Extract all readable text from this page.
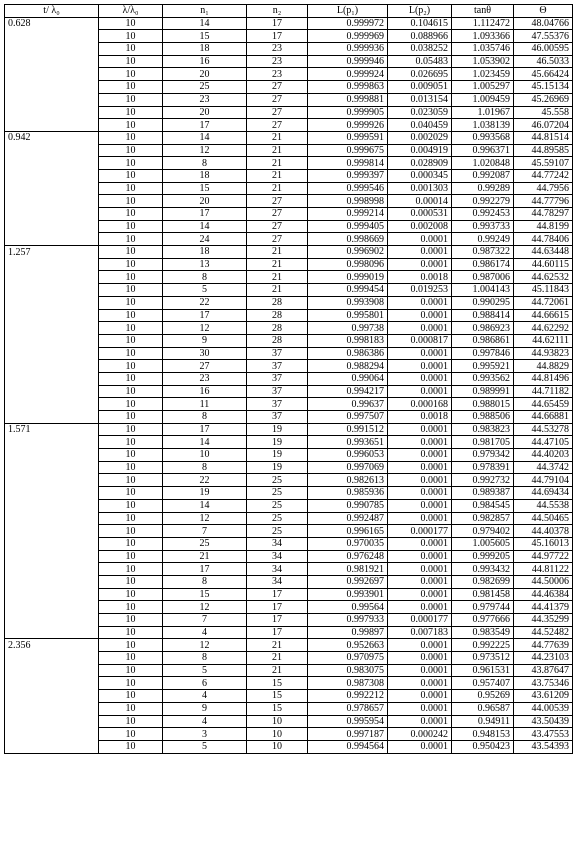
t/ λ₀	λ/λ₀	n₁	n₂	L(p₁)	L(p₂)	tanθ	Θ
0.628	10	14	17	0.999972	0.104615	1.112472	48.04766
	10	15	17	0.999969	0.088966	1.093366	47.55376
	10	18	23	0.999936	0.038252	1.035746	46.00595
	10	16	23	0.999946	0.05483	1.053902	46.5033
	10	20	23	0.999924	0.026695	1.023459	45.66424
	10	25	27	0.999863	0.009051	1.005297	45.15134
	10	23	27	0.999881	0.013154	1.009459	45.26969
	10	20	27	0.999905	0.023059	1.01967	45.558
	10	17	27	0.999926	0.040459	1.038139	46.07204
0.942	10	14	21	0.999591	0.002029	0.993568	44.81514
	10	12	21	0.999675	0.004919	0.996371	44.89585
	10	8	21	0.999814	0.028909	1.020848	45.59107
	10	18	21	0.999397	0.000345	0.992087	44.77242
	10	15	21	0.999546	0.001303	0.99289	44.7956
	10	20	27	0.998998	0.00014	0.992279	44.77796
	10	17	27	0.999214	0.000531	0.992453	44.78297
	10	14	27	0.999405	0.002008	0.993733	44.8199
	10	24	27	0.998669	0.0001	0.99249	44.78406
1.257	10	18	21	0.996902	0.0001	0.987322	44.63448
	10	13	21	0.998096	0.0001	0.986174	44.60115
	10	8	21	0.999019	0.0018	0.987006	44.62532
	10	5	21	0.999454	0.019253	1.004143	45.11843
	10	22	28	0.993908	0.0001	0.990295	44.72061
	10	17	28	0.995801	0.0001	0.988414	44.66615
	10	12	28	0.99738	0.0001	0.986923	44.62292
	10	9	28	0.998183	0.000817	0.986861	44.62111
	10	30	37	0.986386	0.0001	0.997846	44.93823
	10	27	37	0.988294	0.0001	0.995921	44.8829
	10	23	37	0.99064	0.0001	0.993562	44.81496
	10	16	37	0.994217	0.0001	0.989991	44.71182
	10	11	37	0.99637	0.000168	0.988015	44.65459
	10	8	37	0.997507	0.0018	0.988506	44.66881
1.571	10	17	19	0.991512	0.0001	0.983823	44.53278
	10	14	19	0.993651	0.0001	0.981705	44.47105
	10	10	19	0.996053	0.0001	0.979342	44.40203
	10	8	19	0.997069	0.0001	0.978391	44.3742
	10	22	25	0.982613	0.0001	0.992732	44.79104
	10	19	25	0.985936	0.0001	0.989387	44.69434
	10	14	25	0.990785	0.0001	0.984545	44.5538
	10	12	25	0.992487	0.0001	0.982857	44.50465
	10	7	25	0.996165	0.000177	0.979402	44.40378
	10	25	34	0.970035	0.0001	1.005605	45.16013
	10	21	34	0.976248	0.0001	0.999205	44.97722
	10	17	34	0.981921	0.0001	0.993432	44.81122
	10	8	34	0.992697	0.0001	0.982699	44.50006
	10	15	17	0.993901	0.0001	0.981458	44.46384
	10	12	17	0.99564	0.0001	0.979744	44.41379
	10	7	17	0.997933	0.000177	0.977666	44.35299
	10	4	17	0.99897	0.007183	0.983549	44.52482
2.356	10	12	21	0.952663	0.0001	0.992225	44.77639
	10	8	21	0.970975	0.0001	0.973512	44.23103
	10	5	21	0.983075	0.0001	0.961531	43.87647
	10	6	15	0.987308	0.0001	0.957407	43.75346
	10	4	15	0.992212	0.0001	0.95269	43.61209
	10	9	15	0.978657	0.0001	0.96587	44.00539
	10	4	10	0.995954	0.0001	0.94911	43.50439
	10	3	10	0.997187	0.000242	0.948153	43.47553
	10	5	10	0.994564	0.0001	0.950423	43.54393
